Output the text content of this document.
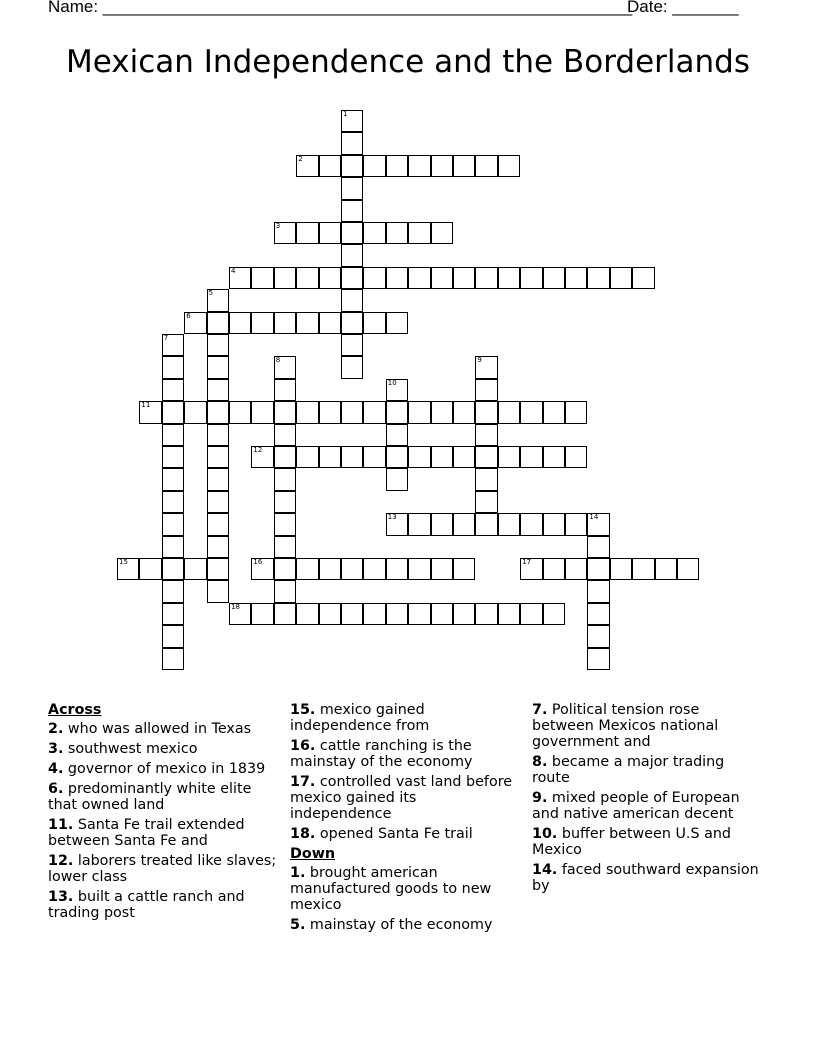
Name: ________________________________________________________
Date: _______
Mexican Independence and the Borderlands
1
2
3
4
5
6
7
8	9
10
11
12
13	14
15	16	17
18
Across
2. who was allowed in Texas
3. southwest mexico
4. governor of mexico in 1839
6. predominantly white elite that owned land
11. Santa Fe trail extended between Santa Fe and
12. laborers treated like slaves; lower class
13. built a cattle ranch and trading post
15. mexico gained independence from
16. cattle ranching is the mainstay of the economy
17. controlled vast land before mexico gained its independence
18. opened Santa Fe trail
Down
1. brought american manufactured goods to new mexico
5. mainstay of the economy
7. Political tension rose between Mexicos national government and
8. became a major trading route
9. mixed people of European and native american decent
10. buffer between U.S and Mexico
14. faced southward expansion by
